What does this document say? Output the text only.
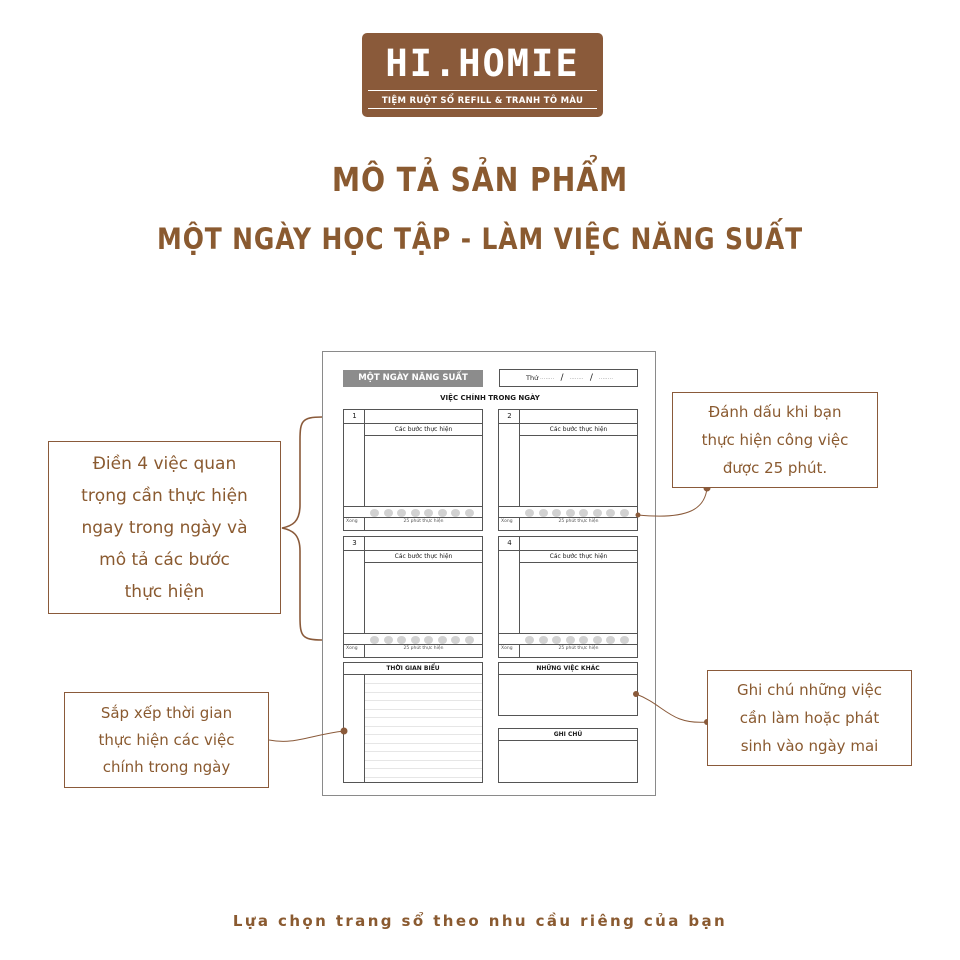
HI.HOMIE
TIỆM RUỘT SỔ REFILL & TRANH TÔ MÀU
MÔ TẢ SẢN PHẨM
MỘT NGÀY HỌC TẬP - LÀM VIỆC NĂNG SUẤT
MỘT NGÀY NĂNG SUẤT	Thứ ........ / ........ / ........
VIỆC CHÍNH TRONG NGÀY
1
Các bước thực hiện
Xong	25 phút thực hiện
2
Các bước thực hiện
Xong	25 phút thực hiện
3
Các bước thực hiện
Xong	25 phút thực hiện
4
Các bước thực hiện
Xong	25 phút thực hiện
THỜI GIAN BIỂU	NHỮNG VIỆC KHÁC
GHI CHÚ
Điền 4 việc quan
trọng cần thực hiện
ngay trong ngày và
mô tả các bước
thực hiện
Sắp xếp thời gian
thực hiện các việc
chính trong ngày
Đánh dấu khi bạn
thực hiện công việc
được 25 phút.
Ghi chú những việc
cần làm hoặc phát
sinh vào ngày mai
Lựa chọn trang sổ theo nhu cầu riêng của bạn
